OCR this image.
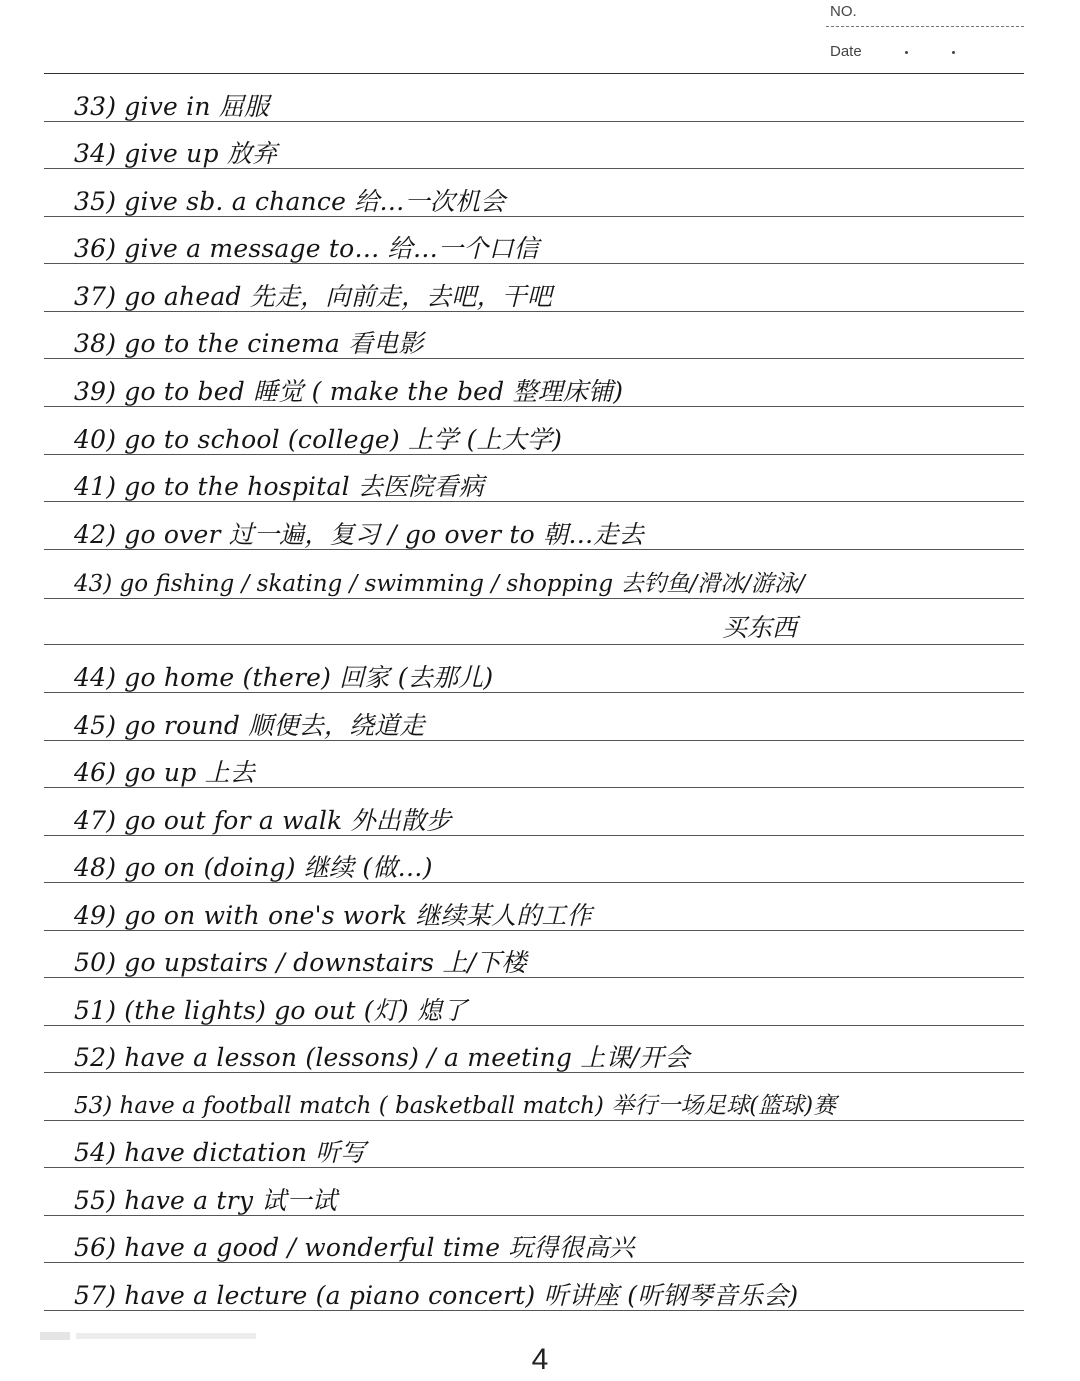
NO.
Date
33) give in 屈服
34) give up 放弃
35) give sb. a chance 给…一次机会
36) give a message to… 给…一个口信
37) go ahead 先走，向前走，去吧，干吧
38) go to the cinema 看电影
39) go to bed 睡觉 ( make the bed 整理床铺)
40) go to school (college) 上学 (上大学)
41) go to the hospital 去医院看病
42) go over 过一遍，复习 / go over to 朝…走去
43) go fishing / skating / swimming / shopping 去钓鱼/滑冰/游泳/
买东西
44) go home (there) 回家 (去那儿)
45) go round 顺便去，绕道走
46) go up 上去
47) go out for a walk 外出散步
48) go on (doing) 继续 (做…)
49) go on with one's work 继续某人的工作
50) go upstairs / downstairs 上/下楼
51) (the lights) go out (灯) 熄了
52) have a lesson (lessons) / a meeting 上课/开会
53) have a football match ( basketball match) 举行一场足球(篮球)赛
54) have dictation 听写
55) have a try 试一试
56) have a good / wonderful time 玩得很高兴
57) have a lecture (a piano concert) 听讲座 (听钢琴音乐会)
4
